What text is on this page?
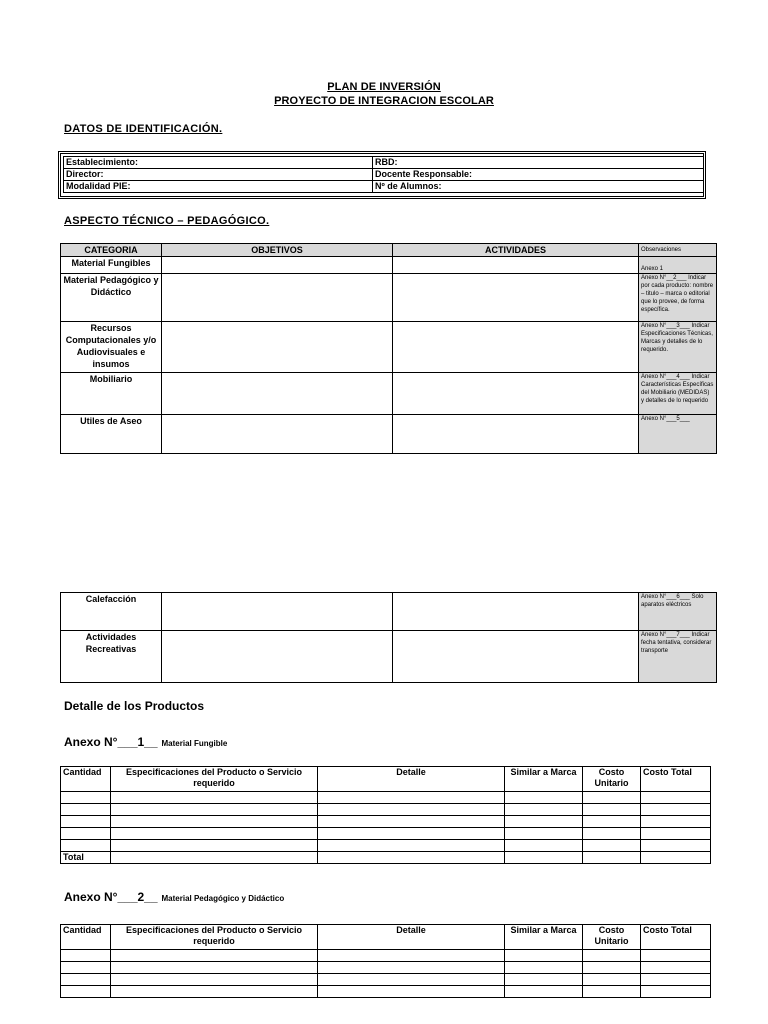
PLAN DE INVERSIÓN
PROYECTO DE INTEGRACION ESCOLAR
DATOS DE IDENTIFICACIÓN.
Establecimiento:	RBD:
Director:	Docente Responsable:
Modalidad PIE:	Nº de Alumnos:
ASPECTO TÉCNICO – PEDAGÓGICO.
CATEGORIA	OBJETIVOS	ACTIVIDADES	Observaciones
Material Fungibles			Anexo 1
Material Pedagógico y Didáctico			Anexo N°__2___ Indicar por cada producto: nombre – titulo – marca o editorial que lo provee, de forma específica.
Recursos Computacionales y/o Audiovisuales e insumos			Anexo N°___3___ Indicar Especificaciones Técnicas, Marcas y detalles de lo requerido.
Mobiliario			Anexo N°___4___ Indicar Características Específicas del Mobiliario (MEDIDAS) y detalles de lo requerido
Utiles de Aseo			Anexo N°___5___
Calefacción			Anexo N°___6___ Solo aparatos eléctricos
Actividades Recreativas			Anexo N°___7___ Indicar fecha tentativa, considerar transporte
Detalle de los Productos
Anexo N°___1__ Material Fungible
Cantidad	Especificaciones del Producto o Servicio requerido	Detalle	Similar a Marca	Costo Unitario	Costo Total

Total					
Anexo N°___2__ Material Pedagógico y Didáctico
Cantidad	Especificaciones del Producto o Servicio requerido	Detalle	Similar a Marca	Costo Unitario	Costo Total
